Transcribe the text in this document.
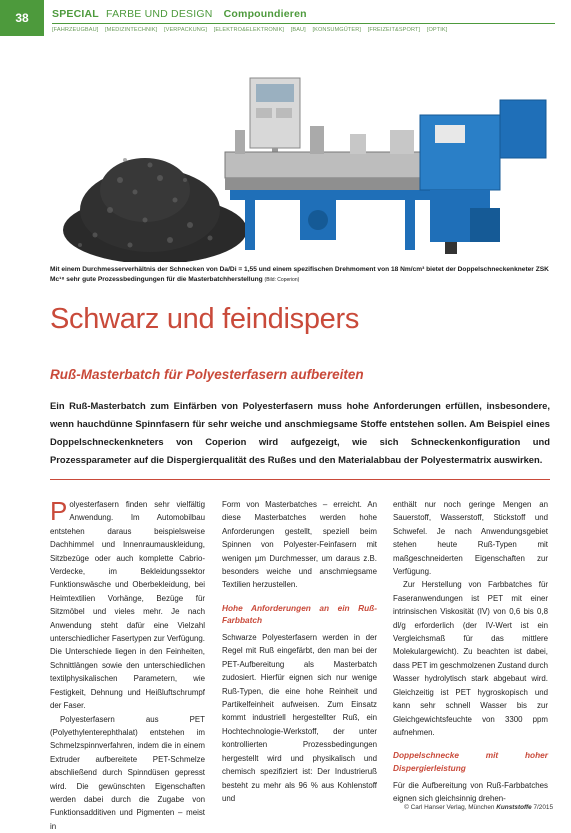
38	SPECIAL FARBE UND DESIGN Compoundieren
[FAHRZEUGBAU] [MEDIZINTECHNIK] [VERPACKUNG] [ELEKTRO&ELEKTRONIK] [BAU] [KONSUMGÜTER] [FREIZEIT&SPORT] [OPTIK]
Mit einem Durchmesserverhältnis der Schnecken von Da/Di = 1,55 und einem spezifischen Drehmoment von 18 Nm/cm³ bietet der Doppelschneckenkneter ZSK Mc¹⁸ sehr gute Prozessbedingungen für die Masterbatchherstellung (Bild: Coperion)
Schwarz und feindispers
Ruß-Masterbatch für Polyesterfasern aufbereiten
Ein Ruß-Masterbatch zum Einfärben von Polyesterfasern muss hohe Anforderungen erfüllen, insbesondere, wenn hauchdünne Spinnfasern für sehr weiche und anschmiegsame Stoffe entstehen sollen. Am Beispiel eines Doppelschneckenkneters von Coperion wird aufgezeigt, wie sich Schneckenkonfiguration und Prozessparameter auf die Dispergierqualität des Rußes und den Materialabbau der Polyestermatrix auswirken.

Polyesterfasern finden sehr vielfältig Anwendung. Im Automobilbau entstehen daraus beispielsweise Dachhimmel und Innenraumauskleidung, Sitzbezüge oder auch komplette Cabrio-Verdecke, im Bekleidungssektor Funktionswäsche und Oberbekleidung, bei Heimtextilien Vorhänge, Bezüge für Sitzmöbel und vieles mehr. Je nach Anwendung steht dafür eine Vielzahl unterschiedlicher Fasertypen zur Verfügung. Die Unterschiede liegen in den Feinheiten, Schnittlängen sowie den unterschiedlichen textilphysikalischen Parametern, wie Festigkeit, Dehnung und Heißluftschrumpf der Faser.

Polyesterfasern aus PET (Polyethylenterephthalat) entstehen im Schmelzspinnverfahren, indem die in einem Extruder aufbereitete PET-Schmelze abschließend durch Spinndüsen gepresst wird. Die gewünschten Eigenschaften werden dabei durch die Zugabe von Funktionsadditiven und Pigmenten – meist in

Form von Masterbatches – erreicht. An diese Masterbatches werden hohe Anforderungen gestellt, speziell beim Spinnen von Polyester-Feinfasern mit wenigen µm Durchmesser, um daraus z.B. besonders weiche und anschmiegsame Textilien herzustellen.

Hohe Anforderungen an ein Ruß-Farbbatch

Schwarze Polyesterfasern werden in der Regel mit Ruß eingefärbt, den man bei der PET-Aufbereitung als Masterbatch zudosiert. Hierfür eignen sich nur wenige Ruß-Typen, die eine hohe Reinheit und Partikelfeinheit aufweisen. Zum Einsatz kommt industriell hergestellter Ruß, ein Hochtechnologie-Werkstoff, der unter kontrollierten Prozessbedingungen hergestellt wird und physikalisch und chemisch spezifiziert ist: Der Industrieruß besteht zu mehr als 96 % aus Kohlenstoff und

enthält nur noch geringe Mengen an Sauerstoff, Wasserstoff, Stickstoff und Schwefel. Je nach Anwendungsgebiet stehen heute Ruß-Typen mit maßgeschneiderten Eigenschaften zur Verfügung.

Zur Herstellung von Farbbatches für Faseranwendungen ist PET mit einer intrinsischen Viskosität (IV) von 0,6 bis 0,8 dl/g erforderlich (der IV-Wert ist ein Vergleichsmaß für das mittlere Molekulargewicht). Zu beachten ist dabei, dass PET im geschmolzenen Zustand durch Wasser hydrolytisch stark abgebaut wird. Gleichzeitig ist PET hygroskopisch und kann sehr schnell Wasser bis zur Gleichgewichtsfeuchte von 3300 ppm aufnehmen.

Doppelschnecke mit hoher Dispergierleistung

Für die Aufbereitung von Ruß-Farbbatches eignen sich gleichsinnig drehen-

© Carl Hanser Verlag, München Kunststoffe 7/2015
